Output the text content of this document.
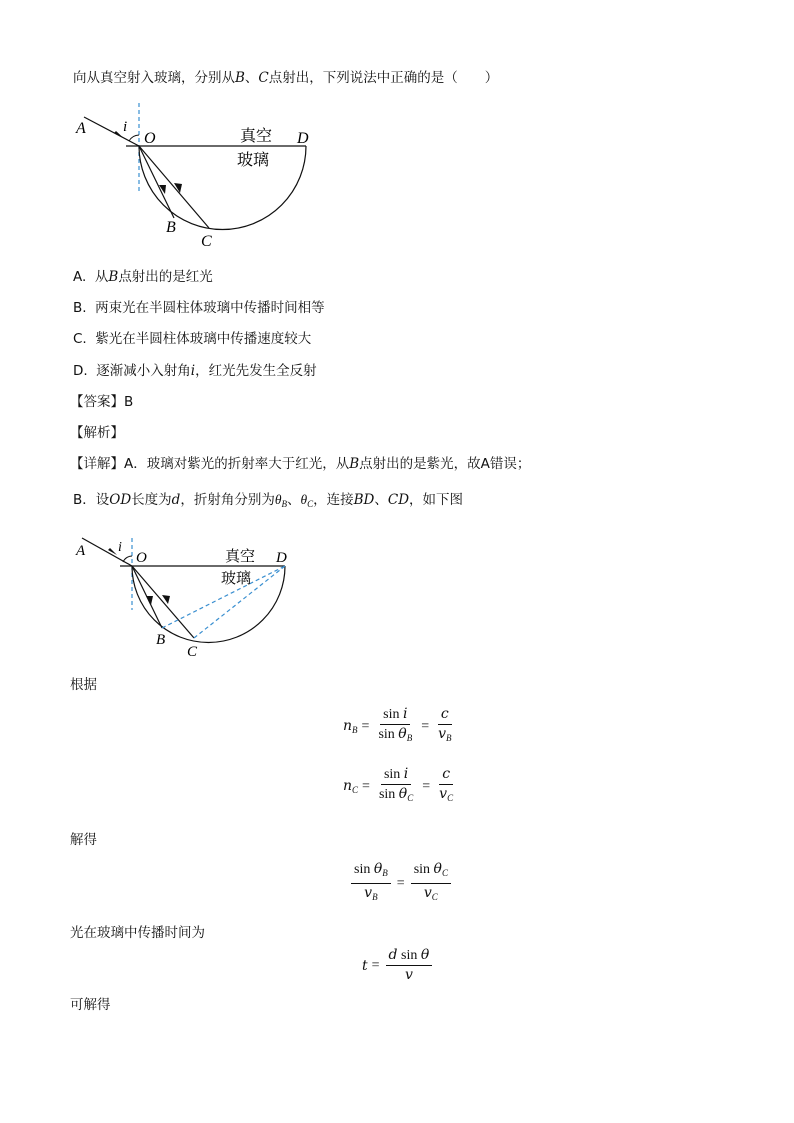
向从真空射入玻璃，分别从B、C点射出，下列说法中正确的是（　　）
A i
O	D
B
C
真空
玻璃
A. 从B点射出的是红光
B. 两束光在半圆柱体玻璃中传播时间相等
C. 紫光在半圆柱体玻璃中传播速度较大
D. 逐渐减小入射角i，红光先发生全反射
【答案】B
【解析】
【详解】A．玻璃对紫光的折射率大于红光，从B点射出的是紫光，故A错误；
B．设OD长度为d，折射角分别为$\theta_B$、$\theta_C$，连接BD、CD，如下图
A i
O	D
B
C
真空
玻璃
根据
$n_B = \frac{\text{sin i}}{\sin \theta_B} = \frac{c}{v_B}$
$n_C = \frac{\text{sin i}}{\sin \theta_C} = \frac{c}{v_C}$
解得
$\frac{\sin \theta_B}{v_B} = \frac{\sin \theta_C}{v_C}$
光在玻璃中传播时间为
$t = \frac{\text{d sin θ}}{v}$
可解得
